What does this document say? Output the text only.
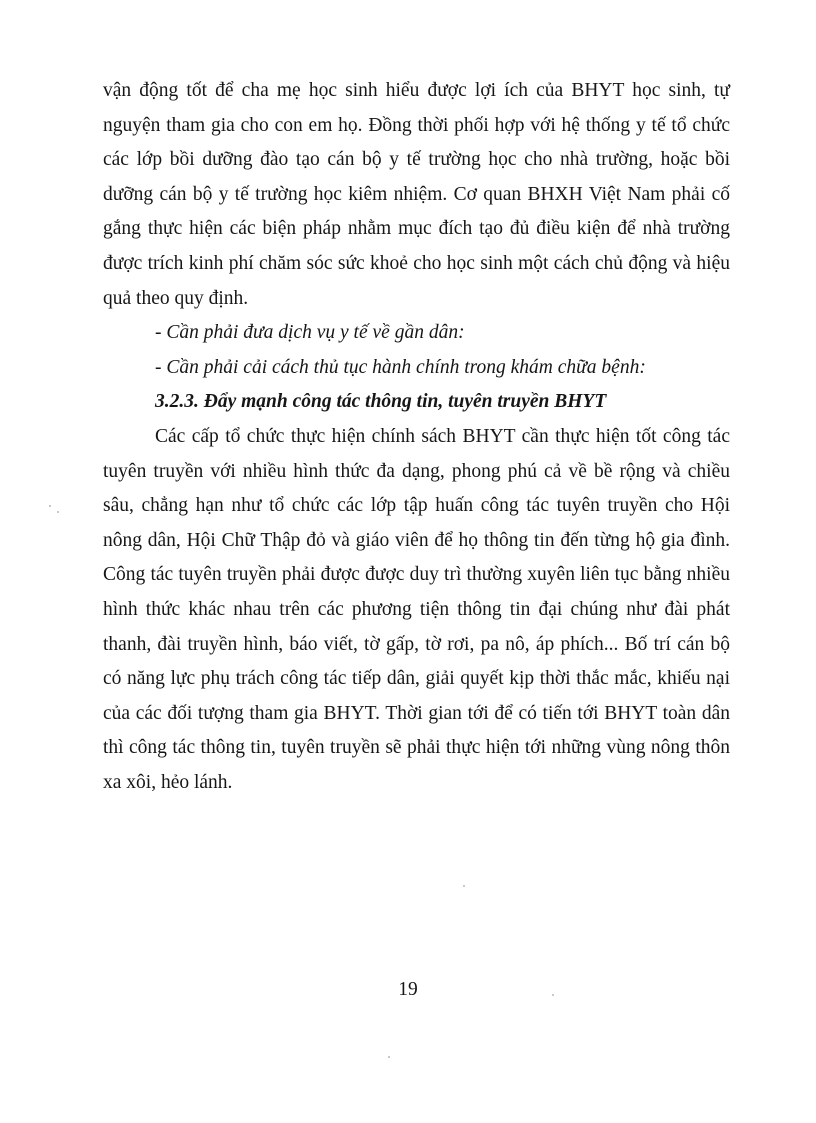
vận động tốt để cha mẹ học sinh hiểu được lợi ích của BHYT học sinh, tự nguyện tham gia cho con em họ. Đồng thời phối hợp với hệ thống y tế tổ chức các lớp bồi dưỡng đào tạo cán bộ y tế trường học cho nhà trường, hoặc bồi dưỡng cán bộ y tế trường học kiêm nhiệm. Cơ quan BHXH Việt Nam phải cố gắng thực hiện các biện pháp nhằm mục đích tạo đủ điều kiện để nhà trường được trích kinh phí chăm sóc sức khoẻ cho học sinh một cách chủ động và hiệu quả theo quy định.

- Cần phải đưa dịch vụ y tế về gần dân:

- Cần phải cải cách thủ tục hành chính trong khám chữa bệnh:

3.2.3. Đẩy mạnh công tác thông tin, tuyên truyền BHYT

Các cấp tổ chức thực hiện chính sách BHYT cần thực hiện tốt công tác tuyên truyền với nhiều hình thức đa dạng, phong phú cả về bề rộng và chiều sâu, chẳng hạn như tổ chức các lớp tập huấn công tác tuyên truyền cho Hội nông dân, Hội Chữ Thập đỏ và giáo viên để họ thông tin đến từng hộ gia đình. Công tác tuyên truyền phải được được duy trì thường xuyên liên tục bằng nhiều hình thức khác nhau trên các phương tiện thông tin đại chúng như đài phát thanh, đài truyền hình, báo viết, tờ gấp, tờ rơi, pa nô, áp phích... Bố trí cán bộ có năng lực phụ trách công tác tiếp dân, giải quyết kịp thời thắc mắc, khiếu nại của các đối tượng tham gia BHYT. Thời gian tới để có tiến tới BHYT toàn dân thì công tác thông tin, tuyên truyền sẽ phải thực hiện tới những vùng nông thôn xa xôi, hẻo lánh.

19
